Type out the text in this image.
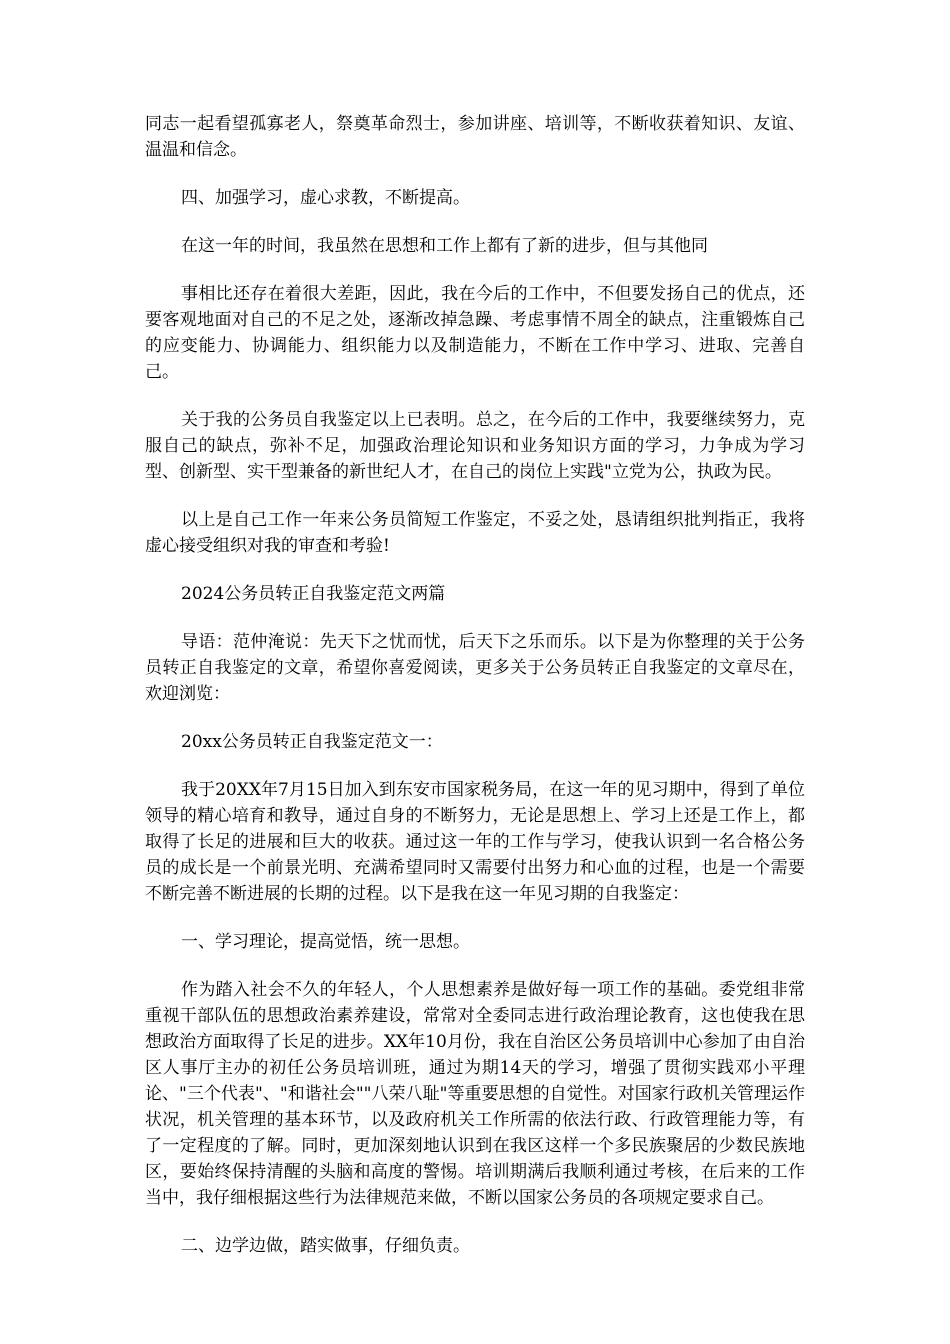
同志一起看望孤寡老人，祭奠革命烈士，参加讲座、培训等，不断收获着知识、友谊、温温和信念。

四、加强学习，虚心求教，不断提高。

在这一年的时间，我虽然在思想和工作上都有了新的进步，但与其他同

事相比还存在着很大差距，因此，我在今后的工作中，不但要发扬自己的优点，还要客观地面对自己的不足之处，逐渐改掉急躁、考虑事情不周全的缺点，注重锻炼自己的应变能力、协调能力、组织能力以及制造能力，不断在工作中学习、进取、完善自己。

关于我的公务员自我鉴定以上已表明。总之，在今后的工作中，我要继续努力，克服自己的缺点，弥补不足，加强政治理论知识和业务知识方面的学习，力争成为学习型、创新型、实干型兼备的新世纪人才，在自己的岗位上实践"立党为公，执政为民。

以上是自己工作一年来公务员简短工作鉴定，不妥之处，恳请组织批判指正，我将虚心接受组织对我的审查和考验!

2024公务员转正自我鉴定范文两篇

导语：范仲淹说：先天下之忧而忧，后天下之乐而乐。以下是为你整理的关于公务员转正自我鉴定的文章，希望你喜爱阅读，更多关于公务员转正自我鉴定的文章尽在，欢迎浏览：

20xx公务员转正自我鉴定范文一：

我于20XX年7月15日加入到东安市国家税务局，在这一年的见习期中，得到了单位领导的精心培育和教导，通过自身的不断努力，无论是思想上、学习上还是工作上，都取得了长足的进展和巨大的收获。通过这一年的工作与学习，使我认识到一名合格公务员的成长是一个前景光明、充满希望同时又需要付出努力和心血的过程，也是一个需要不断完善不断进展的长期的过程。以下是我在这一年见习期的自我鉴定：

一、学习理论，提高觉悟，统一思想。

作为踏入社会不久的年轻人，个人思想素养是做好每一项工作的基础。委党组非常重视干部队伍的思想政治素养建设，常常对全委同志进行政治理论教育，这也使我在思想政治方面取得了长足的进步。XX年10月份，我在自治区公务员培训中心参加了由自治区人事厅主办的初任公务员培训班，通过为期14天的学习，增强了贯彻实践邓小平理论、"三个代表"、"和谐社会""八荣八耻"等重要思想的自觉性。对国家行政机关管理运作状况，机关管理的基本环节，以及政府机关工作所需的依法行政、行政管理能力等，有了一定程度的了解。同时，更加深刻地认识到在我区这样一个多民族聚居的少数民族地区，要始终保持清醒的头脑和高度的警惕。培训期满后我顺利通过考核，在后来的工作当中，我仔细根据这些行为法律规范来做，不断以国家公务员的各项规定要求自己。

二、边学边做，踏实做事，仔细负责。
